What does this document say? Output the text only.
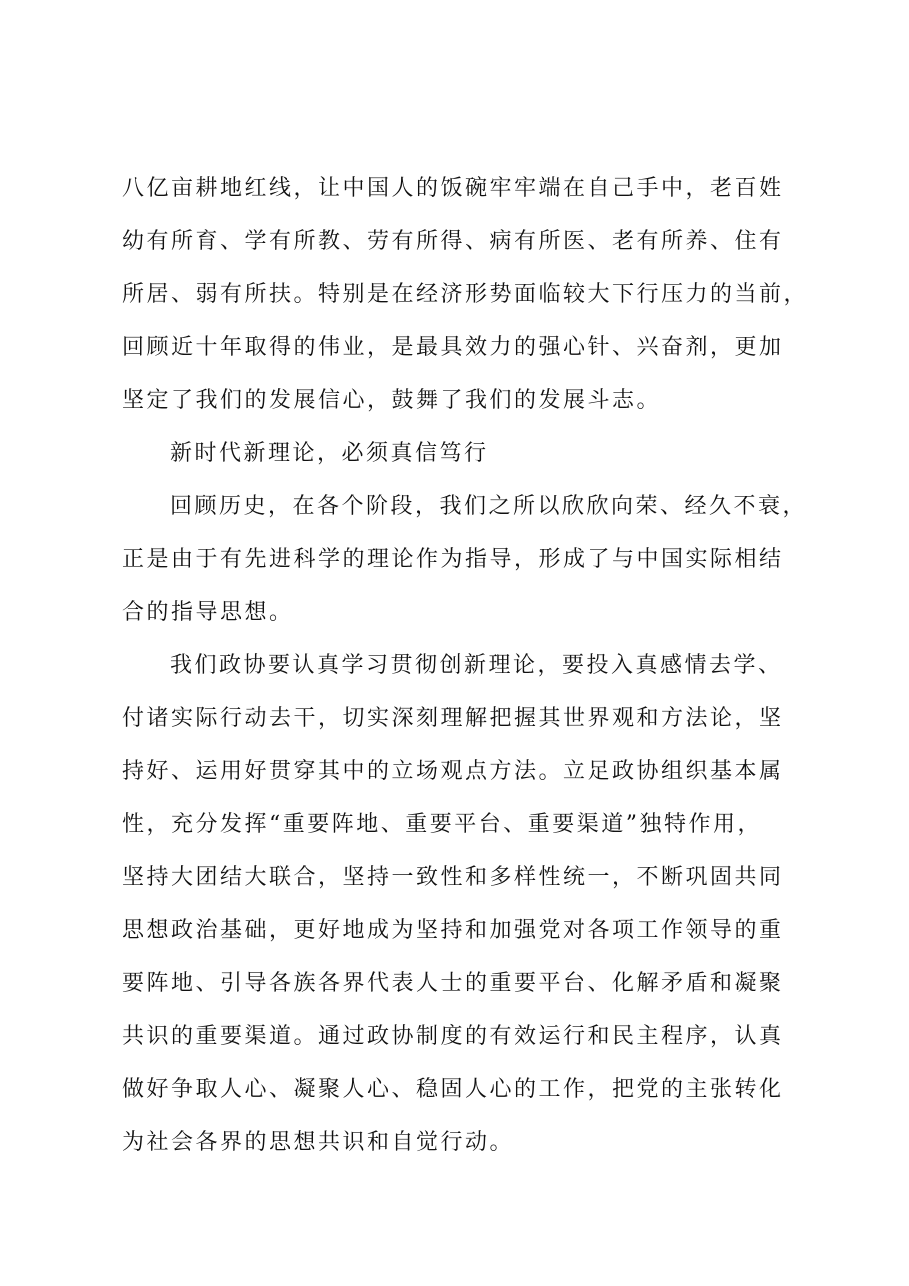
八亿亩耕地红线，让中国人的饭碗牢牢端在自己手中，老百姓
幼有所育、学有所教、劳有所得、病有所医、老有所养、住有
所居、弱有所扶。特别是在经济形势面临较大下行压力的当前，
回顾近十年取得的伟业，是最具效力的强心针、兴奋剂，更加
坚定了我们的发展信心，鼓舞了我们的发展斗志。
新时代新理论，必须真信笃行
回顾历史，在各个阶段，我们之所以欣欣向荣、经久不衰，
正是由于有先进科学的理论作为指导，形成了与中国实际相结
合的指导思想。
我们政协要认真学习贯彻创新理论，要投入真感情去学、
付诸实际行动去干，切实深刻理解把握其世界观和方法论，坚
持好、运用好贯穿其中的立场观点方法。立足政协组织基本属
性，充分发挥“重要阵地、重要平台、重要渠道”独特作用，
坚持大团结大联合，坚持一致性和多样性统一，不断巩固共同
思想政治基础，更好地成为坚持和加强党对各项工作领导的重
要阵地、引导各族各界代表人士的重要平台、化解矛盾和凝聚
共识的重要渠道。通过政协制度的有效运行和民主程序，认真
做好争取人心、凝聚人心、稳固人心的工作，把党的主张转化
为社会各界的思想共识和自觉行动。
